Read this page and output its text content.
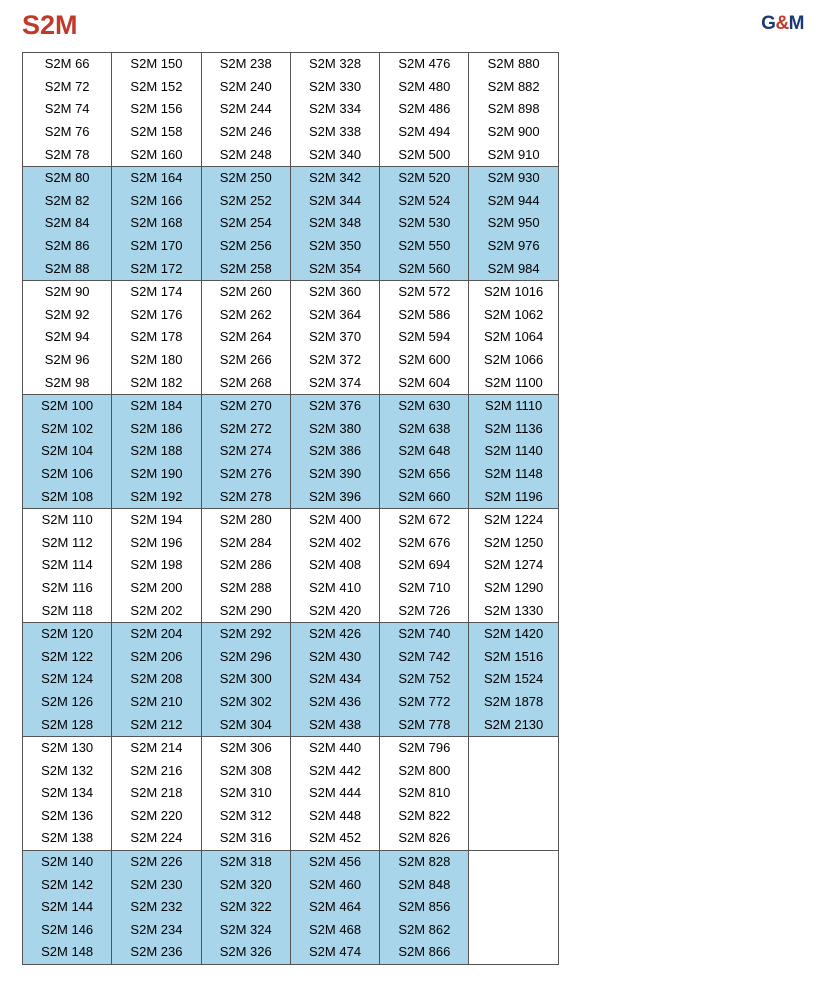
S2M	G&M
S2M 66	S2M 150	S2M 238	S2M 328	S2M 476	S2M 880
S2M 72	S2M 152	S2M 240	S2M 330	S2M 480	S2M 882
S2M 74	S2M 156	S2M 244	S2M 334	S2M 486	S2M 898
S2M 76	S2M 158	S2M 246	S2M 338	S2M 494	S2M 900
S2M 78	S2M 160	S2M 248	S2M 340	S2M 500	S2M 910
S2M 80	S2M 164	S2M 250	S2M 342	S2M 520	S2M 930
S2M 82	S2M 166	S2M 252	S2M 344	S2M 524	S2M 944
S2M 84	S2M 168	S2M 254	S2M 348	S2M 530	S2M 950
S2M 86	S2M 170	S2M 256	S2M 350	S2M 550	S2M 976
S2M 88	S2M 172	S2M 258	S2M 354	S2M 560	S2M 984
S2M 90	S2M 174	S2M 260	S2M 360	S2M 572	S2M 1016
S2M 92	S2M 176	S2M 262	S2M 364	S2M 586	S2M 1062
S2M 94	S2M 178	S2M 264	S2M 370	S2M 594	S2M 1064
S2M 96	S2M 180	S2M 266	S2M 372	S2M 600	S2M 1066
S2M 98	S2M 182	S2M 268	S2M 374	S2M 604	S2M 1100
S2M 100	S2M 184	S2M 270	S2M 376	S2M 630	S2M 1110
S2M 102	S2M 186	S2M 272	S2M 380	S2M 638	S2M 1136
S2M 104	S2M 188	S2M 274	S2M 386	S2M 648	S2M 1140
S2M 106	S2M 190	S2M 276	S2M 390	S2M 656	S2M 1148
S2M 108	S2M 192	S2M 278	S2M 396	S2M 660	S2M 1196
S2M 110	S2M 194	S2M 280	S2M 400	S2M 672	S2M 1224
S2M 112	S2M 196	S2M 284	S2M 402	S2M 676	S2M 1250
S2M 114	S2M 198	S2M 286	S2M 408	S2M 694	S2M 1274
S2M 116	S2M 200	S2M 288	S2M 410	S2M 710	S2M 1290
S2M 118	S2M 202	S2M 290	S2M 420	S2M 726	S2M 1330
S2M 120	S2M 204	S2M 292	S2M 426	S2M 740	S2M 1420
S2M 122	S2M 206	S2M 296	S2M 430	S2M 742	S2M 1516
S2M 124	S2M 208	S2M 300	S2M 434	S2M 752	S2M 1524
S2M 126	S2M 210	S2M 302	S2M 436	S2M 772	S2M 1878
S2M 128	S2M 212	S2M 304	S2M 438	S2M 778	S2M 2130
S2M 130	S2M 214	S2M 306	S2M 440	S2M 796	
S2M 132	S2M 216	S2M 308	S2M 442	S2M 800	
S2M 134	S2M 218	S2M 310	S2M 444	S2M 810	
S2M 136	S2M 220	S2M 312	S2M 448	S2M 822	
S2M 138	S2M 224	S2M 316	S2M 452	S2M 826	
S2M 140	S2M 226	S2M 318	S2M 456	S2M 828	
S2M 142	S2M 230	S2M 320	S2M 460	S2M 848	
S2M 144	S2M 232	S2M 322	S2M 464	S2M 856	
S2M 146	S2M 234	S2M 324	S2M 468	S2M 862	
S2M 148	S2M 236	S2M 326	S2M 474	S2M 866	
